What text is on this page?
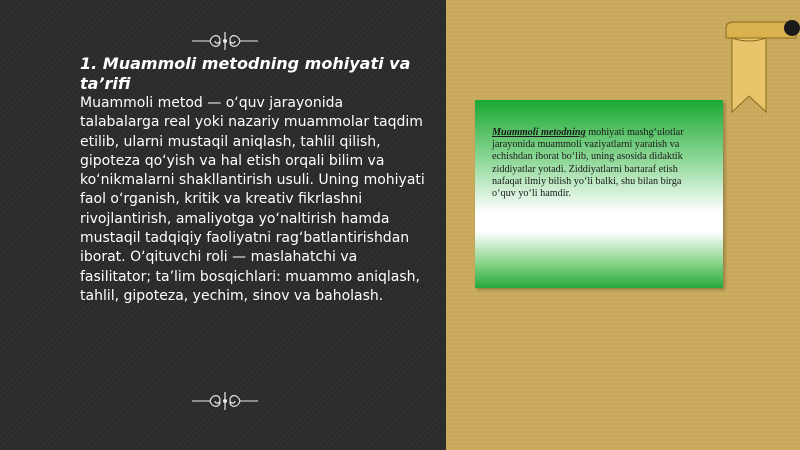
1. Muammoli metodning mohiyati va ta’rifi
Muammoli metod — o‘quv jarayonida talabalarga real yoki nazariy muammolar taqdim etilib, ularni mustaqil aniqlash, tahlil qilish, gipoteza qo‘yish va hal etish orqali bilim va ko‘nikmalarni shakllantirish usuli. Uning mohiyati faol o‘rganish, kritik va kreativ fikrlashni rivojlantirish, amaliyotga yo‘naltirish hamda mustaqil tadqiqiy faoliyatni rag‘batlantirishdan iborat. O‘qituvchi roli — maslahatchi va fasilitator; ta’lim bosqichlari: muammo aniqlash, tahlil, gipoteza, yechim, sinov va baholash.
Muammoli metodning mohiyati mashgʻulotlar jarayonida muammoli vaziyatlarni yaratish va echishdan iborat boʻlib, uning asosida didaktik ziddiyatlar yotadi. Ziddiyatlarni bartaraf etish nafaqat ilmiy bilish yoʻli balki, shu bilan birga oʻquv yoʻli hamdir.
